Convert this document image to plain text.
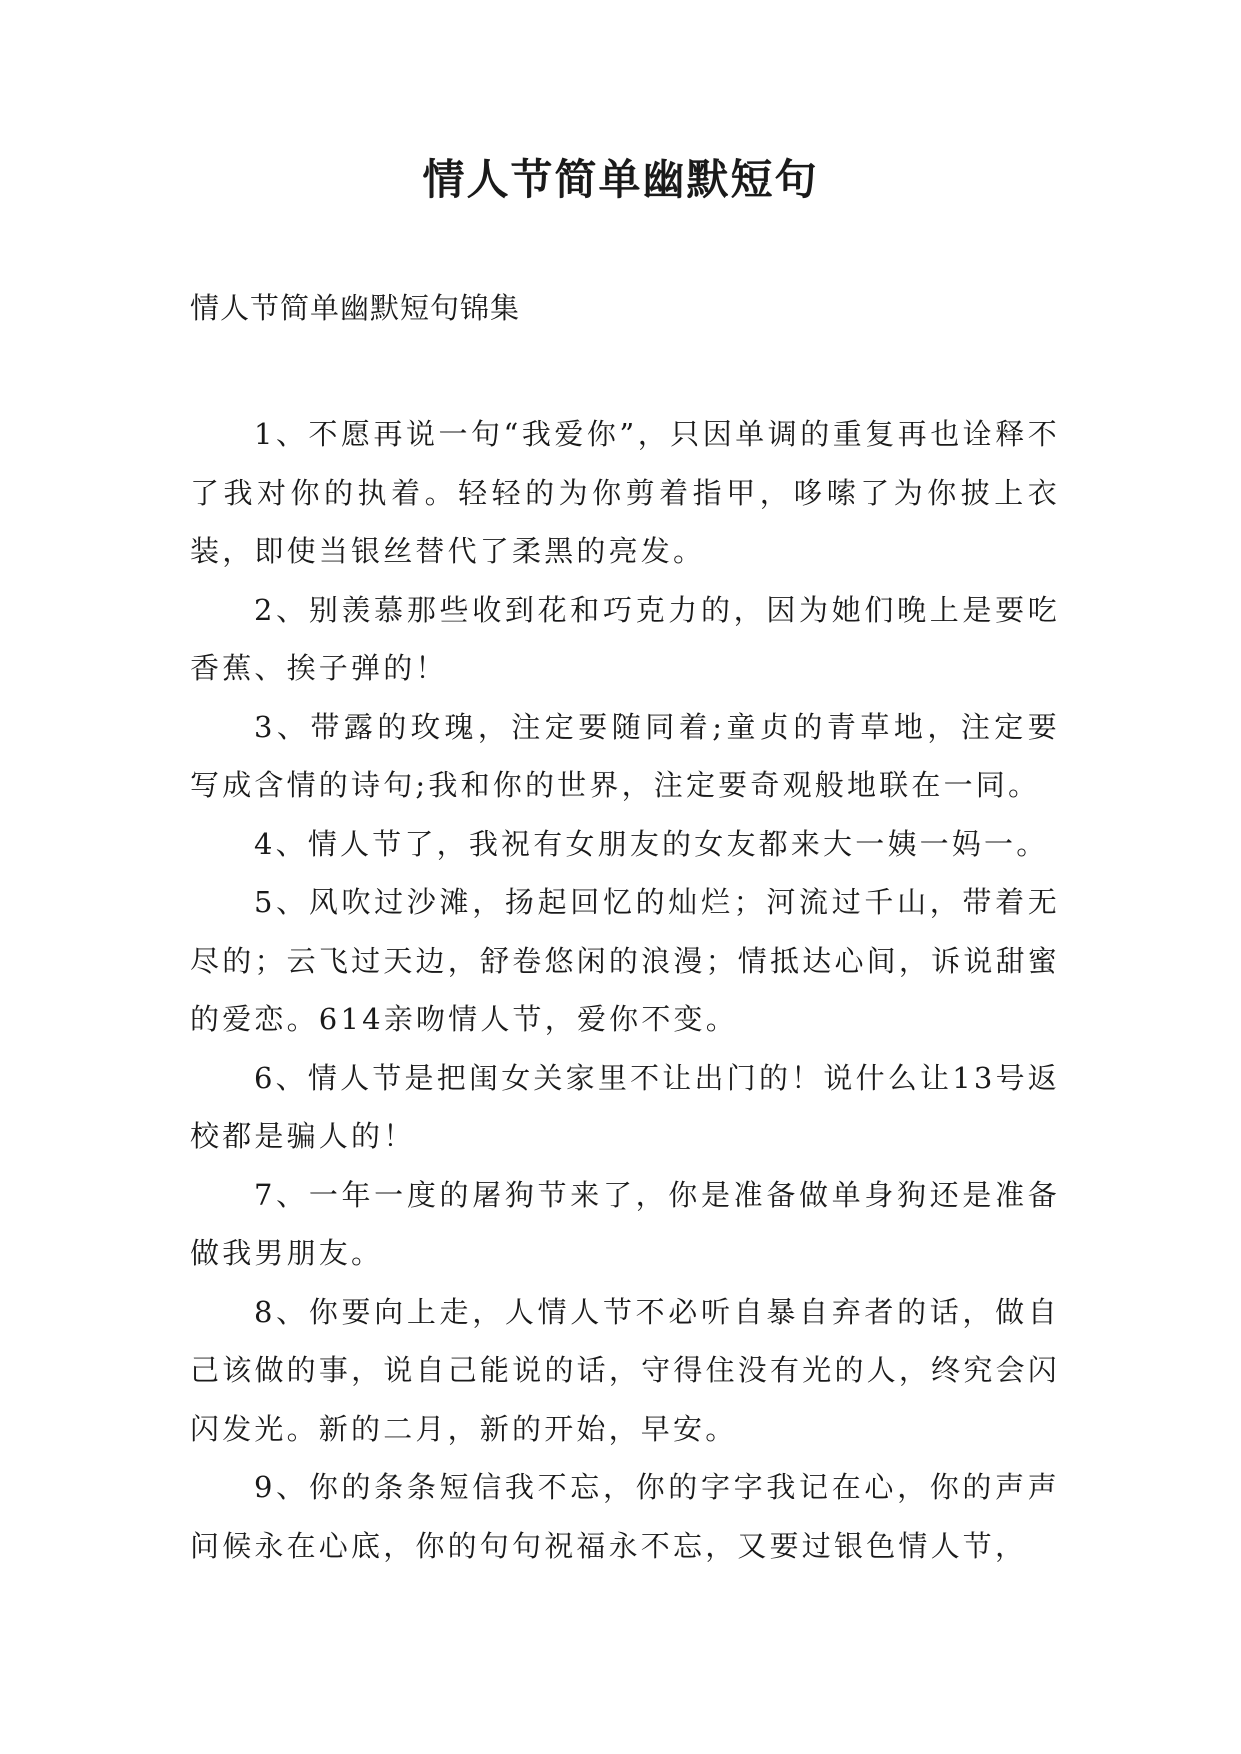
情人节简单幽默短句
情人节简单幽默短句锦集

1、不愿再说一句“我爱你”，只因单调的重复再也诠释不了我对你的执着。轻轻的为你剪着指甲，哆嗦了为你披上衣装，即使当银丝替代了柔黑的亮发。

2、别羡慕那些收到花和巧克力的，因为她们晚上是要吃香蕉、挨子弹的！

3、带露的玫瑰，注定要随同着;童贞的青草地，注定要写成含情的诗句;我和你的世界，注定要奇观般地联在一同。

4、情人节了，我祝有女朋友的女友都来大一姨一妈一。

5、风吹过沙滩，扬起回忆的灿烂；河流过千山，带着无尽的；云飞过天边，舒卷悠闲的浪漫；情抵达心间，诉说甜蜜的爱恋。614亲吻情人节，爱你不变。

6、情人节是把闺女关家里不让出门的！说什么让13号返校都是骗人的！

7、一年一度的屠狗节来了，你是准备做单身狗还是准备做我男朋友。

8、你要向上走，人情人节不必听自暴自弃者的话，做自己该做的事，说自己能说的话，守得住没有光的人，终究会闪闪发光。新的二月，新的开始，早安。

9、你的条条短信我不忘，你的字字我记在心，你的声声问候永在心底，你的句句祝福永不忘，又要过银色情人节，
